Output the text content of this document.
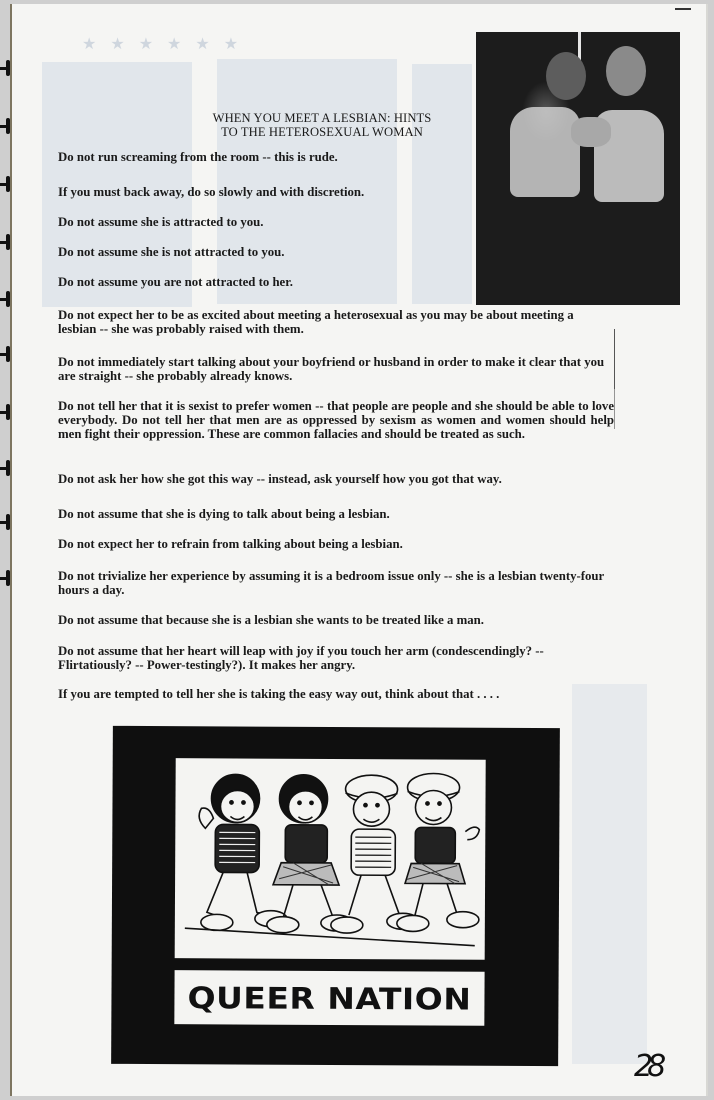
★★★★★★
WHEN YOU MEET A LESBIAN: HINTS
TO THE HETEROSEXUAL WOMAN
Do not run screaming from the room -- this is rude.
If you must back away, do so slowly and with discretion.
Do not assume she is attracted to you.
Do not assume she is not attracted to you.
Do not assume you are not attracted to her.
Do not expect her to be as excited about meeting a heterosexual as you may be about meeting a lesbian -- she was probably raised with them.
Do not immediately start talking about your boyfriend or husband in order to make it clear that you are straight -- she probably already knows.
Do not tell her that it is sexist to prefer women -- that people are people and she should be able to love everybody. Do not tell her that men are as oppressed by sexism as women and women should help men fight their oppression. These are common fallacies and should be treated as such.
Do not ask her how she got this way -- instead, ask yourself how you got that way.
Do not assume that she is dying to talk about being a lesbian.
Do not expect her to refrain from talking about being a lesbian.
Do not trivialize her experience by assuming it is a bedroom issue only -- she is a lesbian twenty-four hours a day.
Do not assume that because she is a lesbian she wants to be treated like a man.
Do not assume that her heart will leap with joy if you touch her arm (condescendingly? -- Flirtatiously? -- Power-testingly?). It makes her angry.
If you are tempted to tell her she is taking the easy way out, think about that . . . .
QUEER NATION
28
